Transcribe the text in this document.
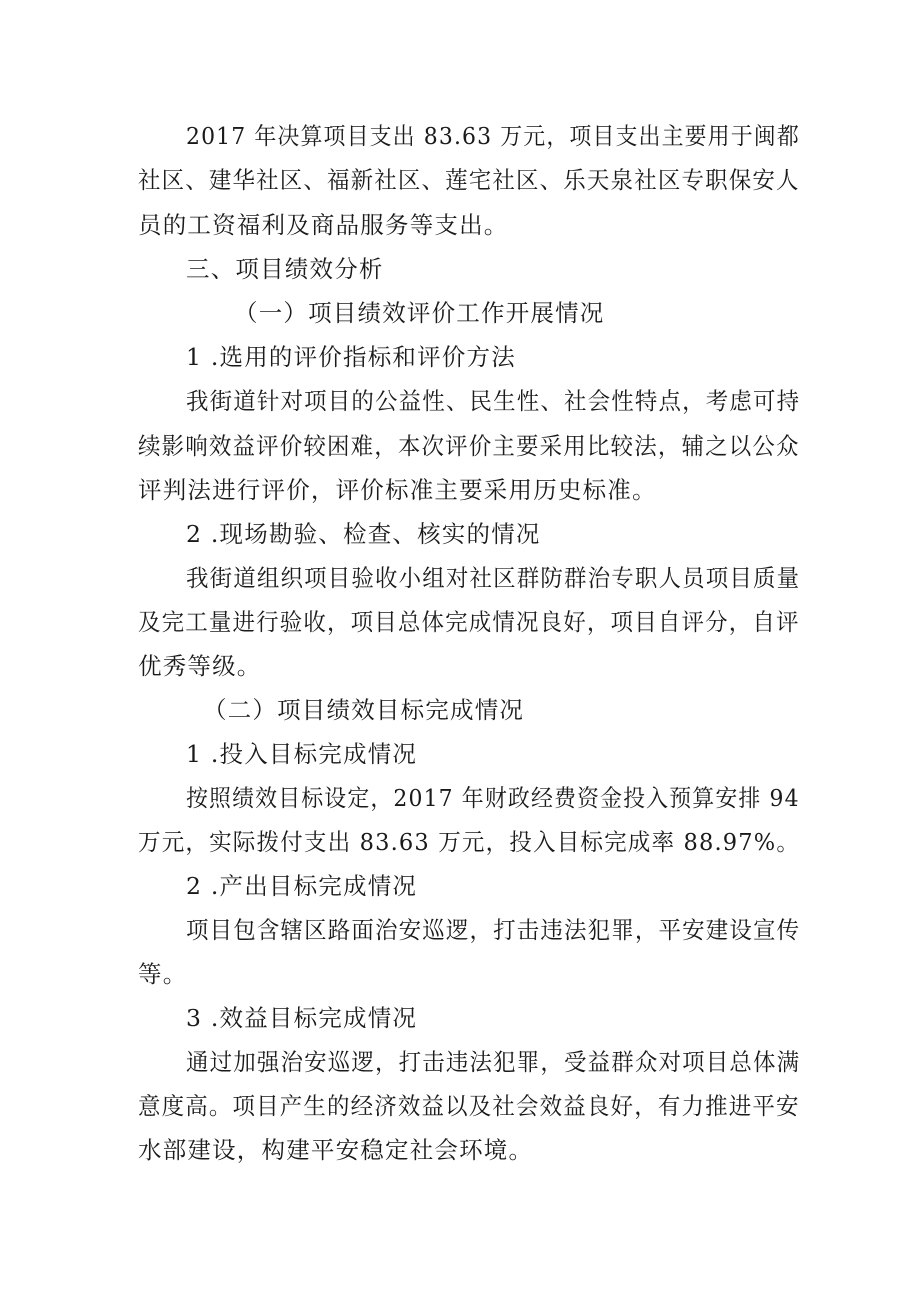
2017 年决算项目支出 83.63 万元，项目支出主要用于闽都
社区、建华社区、福新社区、莲宅社区、乐天泉社区专职保安人
员的工资福利及商品服务等支出。
三、项目绩效分析
（一）项目绩效评价工作开展情况
1 .选用的评价指标和评价方法
我街道针对项目的公益性、民生性、社会性特点，考虑可持
续影响效益评价较困难，本次评价主要采用比较法，辅之以公众
评判法进行评价，评价标准主要采用历史标准。
2 .现场勘验、检查、核实的情况
我街道组织项目验收小组对社区群防群治专职人员项目质量
及完工量进行验收，项目总体完成情况良好，项目自评分，自评
优秀等级。
（二）项目绩效目标完成情况
1 .投入目标完成情况
按照绩效目标设定，2017 年财政经费资金投入预算安排 94
万元，实际拨付支出 83.63 万元，投入目标完成率 88.97%。
2 .产出目标完成情况
项目包含辖区路面治安巡逻，打击违法犯罪，平安建设宣传
等。
3 .效益目标完成情况
通过加强治安巡逻，打击违法犯罪，受益群众对项目总体满
意度高。项目产生的经济效益以及社会效益良好，有力推进平安
水部建设，构建平安稳定社会环境。
